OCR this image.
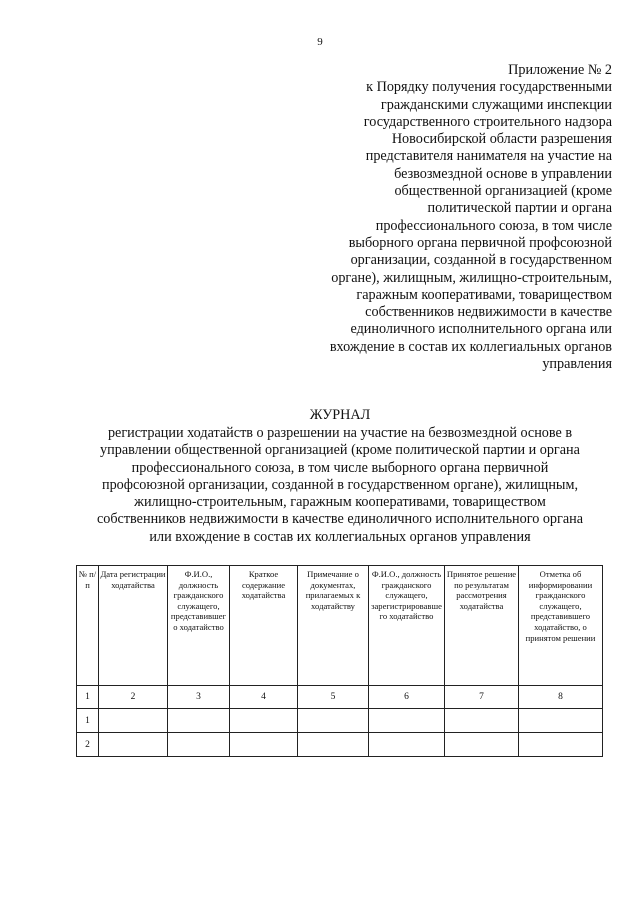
9
Приложение № 2
к Порядку получения государственными
гражданскими служащими инспекции
государственного строительного надзора
Новосибирской области разрешения
представителя нанимателя на участие на
безвозмездной основе в управлении
общественной организацией (кроме
политической партии и органа
профессионального союза, в том числе
выборного органа первичной профсоюзной
организации, созданной в государственном
органе), жилищным, жилищно-строительным,
гаражным кооперативами, товариществом
собственников недвижимости в качестве
единоличного исполнительного органа или
вхождение в состав их коллегиальных органов
управления
ЖУРНАЛ
регистрации ходатайств о разрешении на участие на безвозмездной основе в
управлении общественной организацией (кроме политической партии и органа
профессионального союза, в том числе выборного органа первичной
профсоюзной организации, созданной в государственном органе), жилищным,
жилищно-строительным, гаражным кооперативами, товариществом
собственников недвижимости в качестве единоличного исполнительного органа
или вхождение в состав их коллегиальных органов управления
№ п/п	Дата регистрации ходатайства	Ф.И.О., должность гражданского служащего, представившего ходатайство	Краткое содержание ходатайства	Примечание о документах, прилагаемых к ходатайству	Ф.И.О., должность гражданского служащего, зарегистрировавшего ходатайство	Принятое решение по результатам рассмотрения ходатайства	Отметка об информировании гражданского служащего, представившего ходатайство, о принятом решении
1	2	3	4	5	6	7	8
1							
2							
